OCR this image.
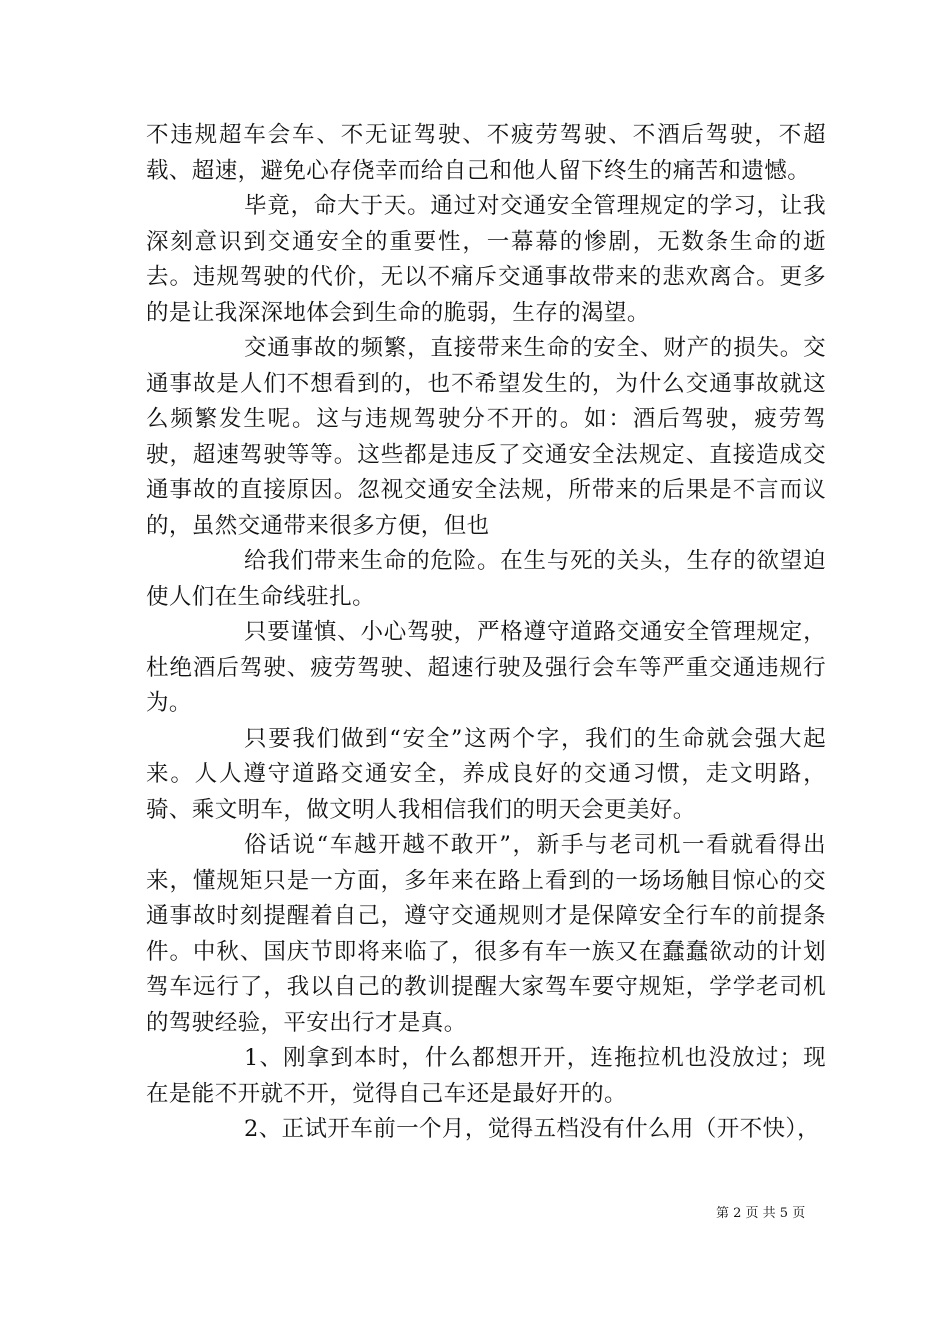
不违规超车会车、不无证驾驶、不疲劳驾驶、不酒后驾驶，不超载、超速，避免心存侥幸而给自己和他人留下终生的痛苦和遗憾。

毕竟，命大于天。通过对交通安全管理规定的学习，让我深刻意识到交通安全的重要性，一幕幕的惨剧，无数条生命的逝去。违规驾驶的代价，无以不痛斥交通事故带来的悲欢离合。更多的是让我深深地体会到生命的脆弱，生存的渴望。

交通事故的频繁，直接带来生命的安全、财产的损失。交通事故是人们不想看到的，也不希望发生的，为什么交通事故就这么频繁发生呢。这与违规驾驶分不开的。如：酒后驾驶，疲劳驾驶，超速驾驶等等。这些都是违反了交通安全法规定、直接造成交通事故的直接原因。忽视交通安全法规，所带来的后果是不言而议的，虽然交通带来很多方便，但也

给我们带来生命的危险。在生与死的关头，生存的欲望迫使人们在生命线驻扎。

只要谨慎、小心驾驶，严格遵守道路交通安全管理规定，杜绝酒后驾驶、疲劳驾驶、超速行驶及强行会车等严重交通违规行为。

只要我们做到“安全”这两个字，我们的生命就会强大起来。人人遵守道路交通安全，养成良好的交通习惯，走文明路，骑、乘文明车，做文明人我相信我们的明天会更美好。

俗话说“车越开越不敢开”，新手与老司机一看就看得出来，懂规矩只是一方面，多年来在路上看到的一场场触目惊心的交通事故时刻提醒着自己，遵守交通规则才是保障安全行车的前提条件。中秋、国庆节即将来临了，很多有车一族又在蠢蠢欲动的计划驾车远行了，我以自己的教训提醒大家驾车要守规矩，学学老司机的驾驶经验，平安出行才是真。

1、刚拿到本时，什么都想开开，连拖拉机也没放过；现在是能不开就不开，觉得自己车还是最好开的。

2、正试开车前一个月，觉得五档没有什么用（开不快），

第 2 页 共 5 页
